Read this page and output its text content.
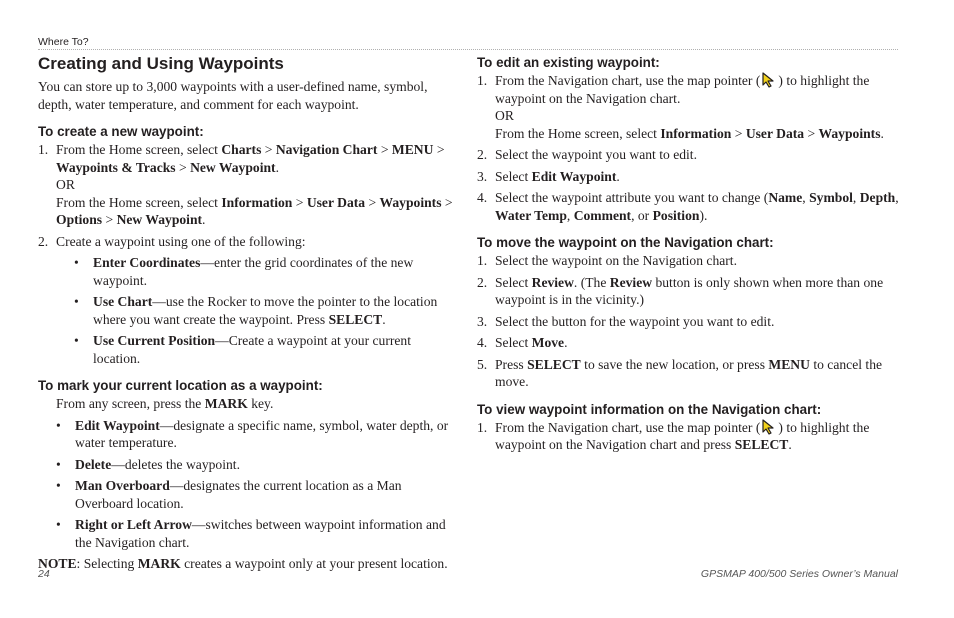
Where To?
Creating and Using Waypoints

You can store up to 3,000 waypoints with a user-defined name, symbol, depth, water temperature, and comment for each waypoint.

To create a new waypoint:
1. From the Home screen, select Charts > Navigation Chart > MENU >
Waypoints & Tracks > New Waypoint.
OR
From the Home screen, select Information > User Data > Waypoints >
Options > New Waypoint.
2. Create a waypoint using one of the following:
• Enter Coordinates—enter the grid coordinates of the new waypoint.
• Use Chart—use the Rocker to move the pointer to the location where you want create the waypoint. Press SELECT.
• Use Current Position—Create a waypoint at your current location.
To mark your current location as a waypoint:

From any screen, press the MARK key.

• Edit Waypoint—designate a specific name, symbol, water depth, or water temperature.
• Delete—deletes the waypoint.
• Man Overboard—designates the current location as a Man Overboard location.
• Right or Left Arrow—switches between waypoint information and the Navigation chart.

NOTE: Selecting MARK creates a waypoint only at your present location.

To edit an existing waypoint:
1. From the Navigation chart, use the map pointer ( ) to highlight the waypoint on the Navigation chart.
OR
From the Home screen, select Information > User Data > Waypoints.
2. Select the waypoint you want to edit.
3. Select Edit Waypoint.
4. Select the waypoint attribute you want to change (Name, Symbol, Depth, Water Temp, Comment, or Position).
To move the waypoint on the Navigation chart:
1. Select the waypoint on the Navigation chart.
2. Select Review. (The Review button is only shown when more than one waypoint is in the vicinity.)
3. Select the button for the waypoint you want to edit.
4. Select Move.
5. Press SELECT to save the new location, or press MENU to cancel the move.
To view waypoint information on the Navigation chart:
1. From the Navigation chart, use the map pointer ( ) to highlight the waypoint on the Navigation chart and press SELECT.
24	GPSMAP 400/500 Series Owner’s Manual
